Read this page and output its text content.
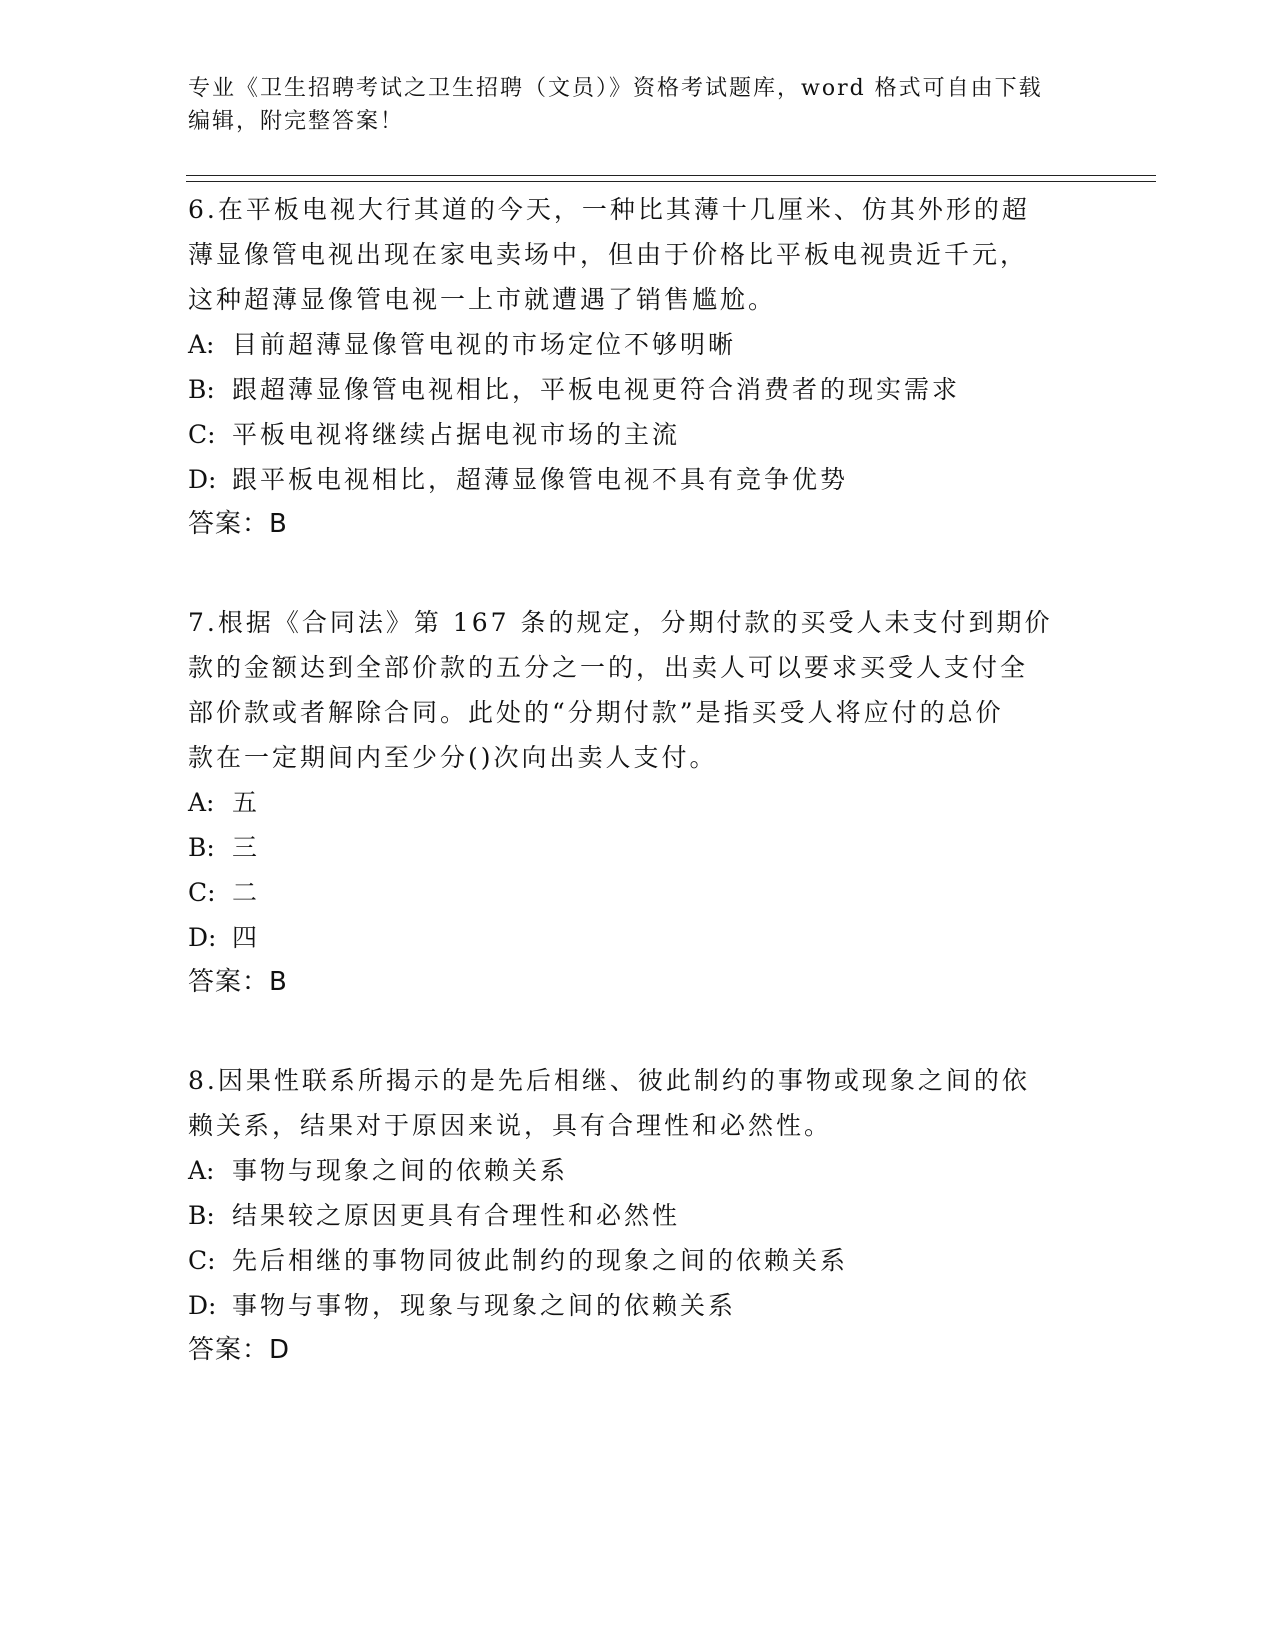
专业《卫生招聘考试之卫生招聘（文员）》资格考试题库，word 格式可自由下载
编辑，附完整答案！
6.在平板电视大行其道的今天，一种比其薄十几厘米、仿其外形的超
薄显像管电视出现在家电卖场中，但由于价格比平板电视贵近千元，
这种超薄显像管电视一上市就遭遇了销售尴尬。
A: 目前超薄显像管电视的市场定位不够明晰
B: 跟超薄显像管电视相比，平板电视更符合消费者的现实需求
C: 平板电视将继续占据电视市场的主流
D: 跟平板电视相比，超薄显像管电视不具有竞争优势
答案：B
7.根据《合同法》第 167 条的规定，分期付款的买受人未支付到期价
款的金额达到全部价款的五分之一的，出卖人可以要求买受人支付全
部价款或者解除合同。此处的“分期付款”是指买受人将应付的总价
款在一定期间内至少分()次向出卖人支付。
A: 五
B: 三
C: 二
D: 四
答案：B
8.因果性联系所揭示的是先后相继、彼此制约的事物或现象之间的依
赖关系，结果对于原因来说，具有合理性和必然性。
A: 事物与现象之间的依赖关系
B: 结果较之原因更具有合理性和必然性
C: 先后相继的事物同彼此制约的现象之间的依赖关系
D: 事物与事物，现象与现象之间的依赖关系
答案：D
